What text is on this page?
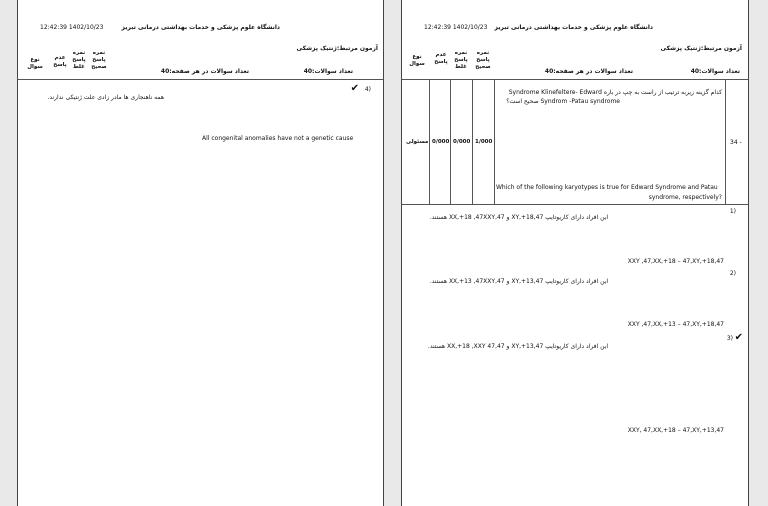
12:42:39 1402/10/23	دانشگاه علوم پزشکی و خدمات بهداشتی درمانی تبریز
آزمون مرتبط:ژنتیک پزشکی
تعداد سوالات:40
تعداد سوالات در هر صفحه:40
نمره
پاسخ
صحیح
نمره
پاسخ
غلط
عدم
پاسخ
نوع
سوال
✔ 4)
همه ناهنجاری ها مادر زادی علت ژنتیکی ندارند.
All congenital anomalies have not a genetic cause
12:42:39 1402/10/23 دانشگاه علوم پزشکی و خدمات بهداشتی درمانی تبریز
آزمون مرتبط:ژنتیک پزشکی
تعداد سوالات:40
تعداد سوالات در هر صفحه:40
نمره
پاسخ
صحیح
نمره
پاسخ
غلط
عدم
پاسخ
نوع
سوال
مسئولی 0/000 0/000 1/000	34 -
کدام گزینه زیربه ترتیب از راست به چپ در باره Syndrome Klinefeltere- Edward
Syndrom -Patau syndrome صحیح است؟
Which of the following karyotypes is true for Edward Syndrome and Patau
syndrome, respectively?
1)
این افراد دارای کاریوتایپ 47,XY,+18 و 47,XX,+18 ,47XXY هستند.
XXY ,47,XX,+18 – 47,XY,+18,47
2)
این افراد دارای کاریوتایپ 47,XY,+13 و 47,XX,+13 ,47XXY هستند.
XXY ,47,XX,+13 – 47,XY,+18,47
✔
3)
این افراد دارای کاریوتایپ 47,XY,+13 و 47,XX,+18 ,XXY 47 هستند.
XXY, 47,XX,+18 – 47,XY,+13,47
